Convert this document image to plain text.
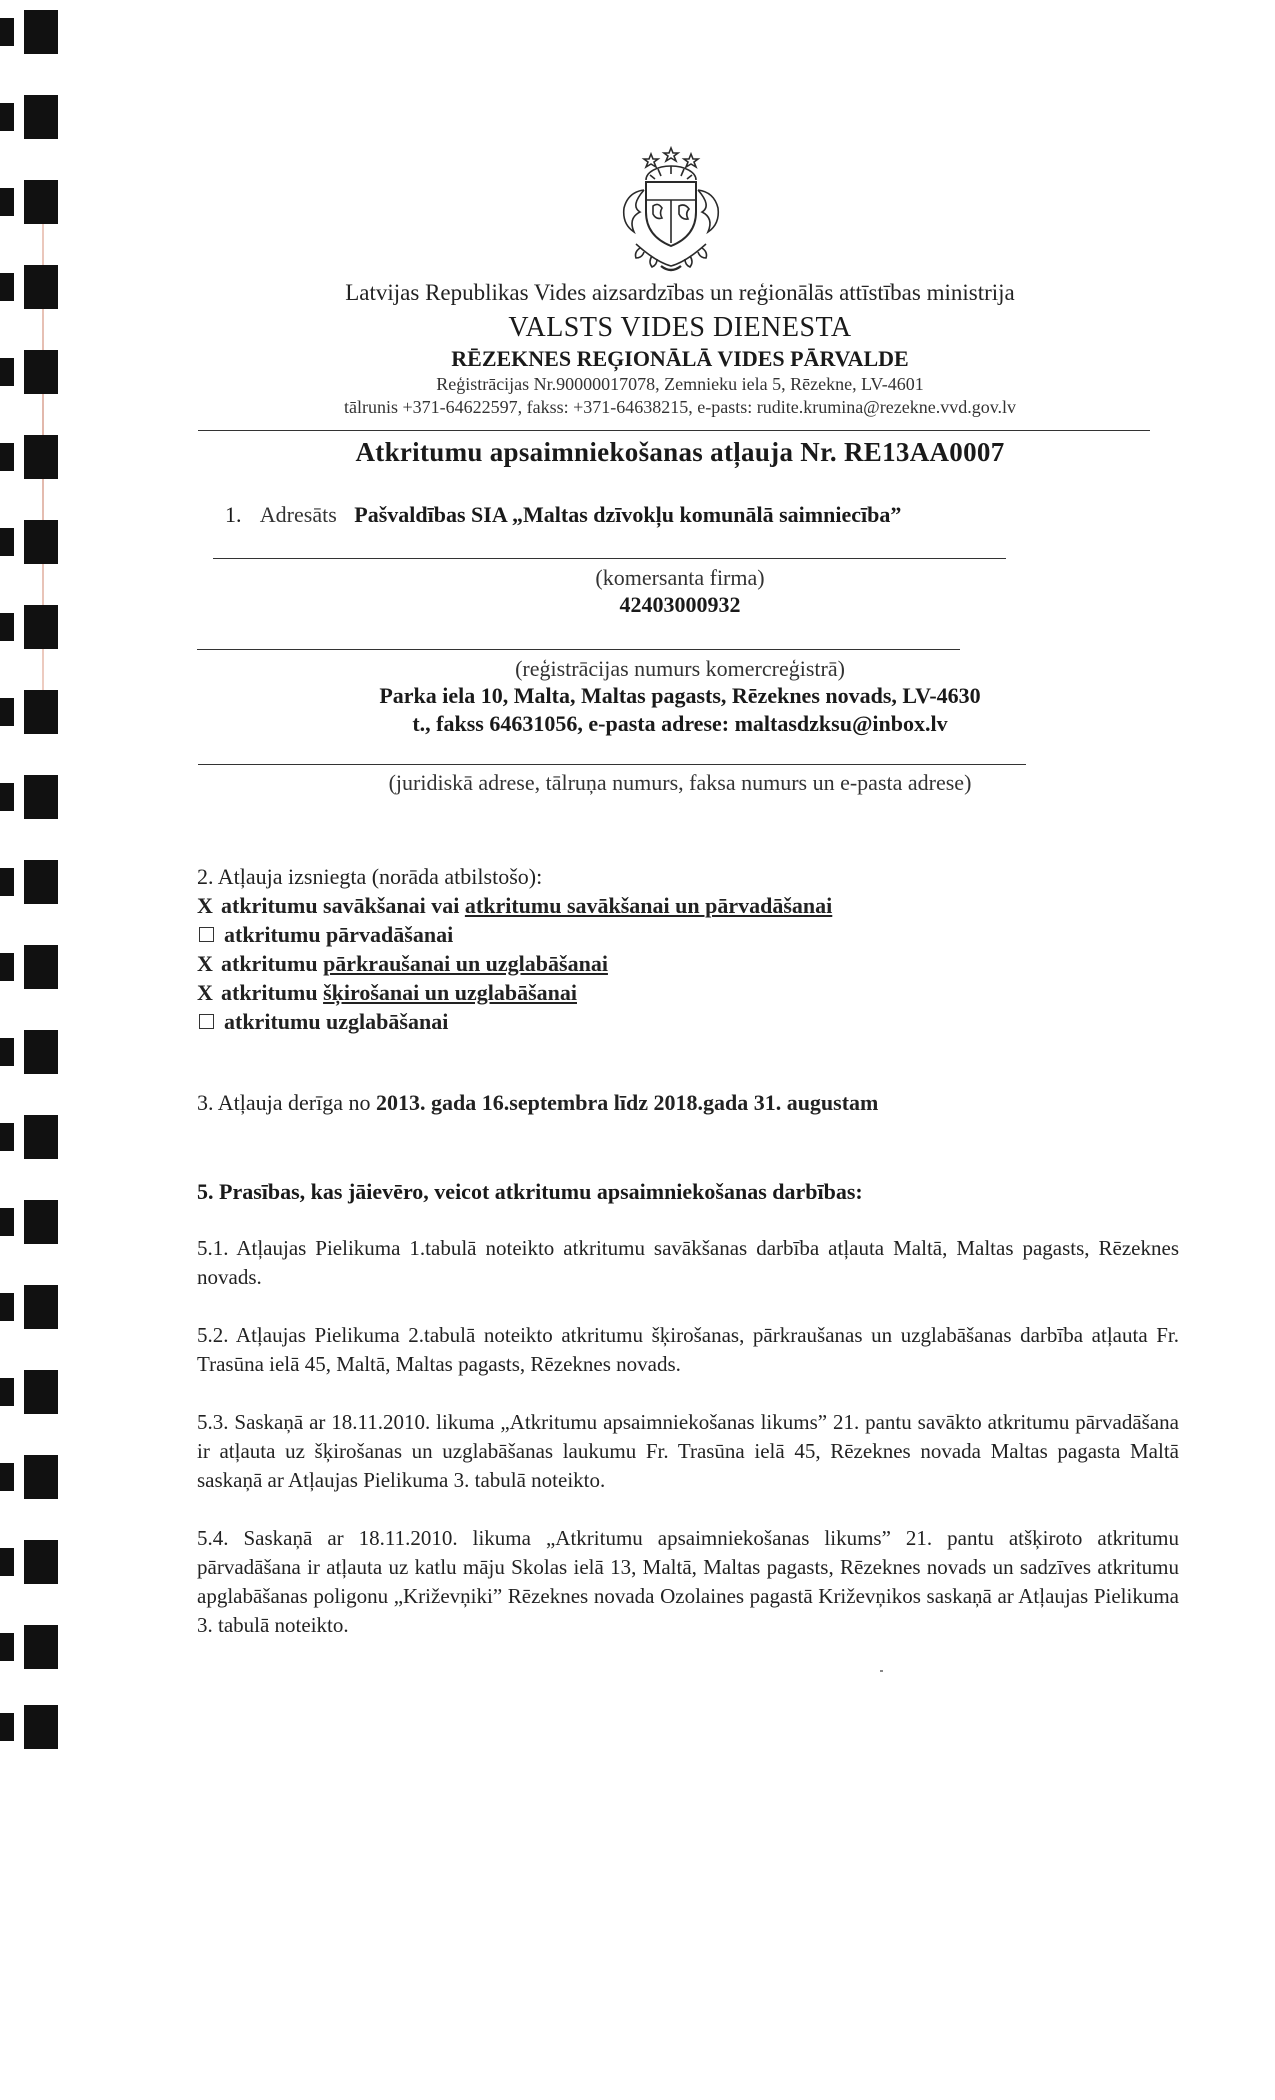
Latvijas Republikas Vides aizsardzības un reģionālās attīstības ministrija
VALSTS VIDES DIENESTA
RĒZEKNES REĢIONĀLĀ VIDES PĀRVALDE
Reģistrācijas Nr.90000017078, Zemnieku iela 5, Rēzekne, LV-4601
tālrunis +371-64622597, fakss: +371-64638215, e-pasts: rudite.krumina@rezekne.vvd.gov.lv
Atkritumu apsaimniekošanas atļauja Nr. RE13AA0007
1. Adresāts Pašvaldības SIA „Maltas dzīvokļu komunālā saimniecība”
(komersanta firma)
42403000932
(reģistrācijas numurs komercreģistrā)
Parka iela 10, Malta, Maltas pagasts, Rēzeknes novads, LV-4630
t., fakss 64631056, e-pasta adrese: maltasdzksu@inbox.lv
(juridiskā adrese, tālruņa numurs, faksa numurs un e-pasta adrese)
2. Atļauja izsniegta (norāda atbilstošo):
X atkritumu savākšanai vai atkritumu savākšanai un pārvadāšanai
atkritumu pārvadāšanai
X atkritumu pārkraušanai un uzglabāšanai
X atkritumu šķirošanai un uzglabāšanai
atkritumu uzglabāšanai
3. Atļauja derīga no 2013. gada 16.septembra līdz 2018.gada 31. augustam
5. Prasības, kas jāievēro, veicot atkritumu apsaimniekošanas darbības:
5.1. Atļaujas Pielikuma 1.tabulā noteikto atkritumu savākšanas darbība atļauta Maltā, Maltas pagasts, Rēzeknes novads.
5.2. Atļaujas Pielikuma 2.tabulā noteikto atkritumu šķirošanas, pārkraušanas un uzglabāšanas darbība atļauta Fr. Trasūna ielā 45, Maltā, Maltas pagasts, Rēzeknes novads.
5.3. Saskaņā ar 18.11.2010. likuma „Atkritumu apsaimniekošanas likums” 21. pantu savākto atkritumu pārvadāšana ir atļauta uz šķirošanas un uzglabāšanas laukumu Fr. Trasūna ielā 45, Rēzeknes novada Maltas pagasta Maltā saskaņā ar Atļaujas Pielikuma 3. tabulā noteikto.
5.4. Saskaņā ar 18.11.2010. likuma „Atkritumu apsaimniekošanas likums” 21. pantu atšķiroto atkritumu pārvadāšana ir atļauta uz katlu māju Skolas ielā 13, Maltā, Maltas pagasts, Rēzeknes novads un sadzīves atkritumu apglabāšanas poligonu „Križevņiki” Rēzeknes novada Ozolaines pagastā Križevņikos saskaņā ar Atļaujas Pielikuma 3. tabulā noteikto.
